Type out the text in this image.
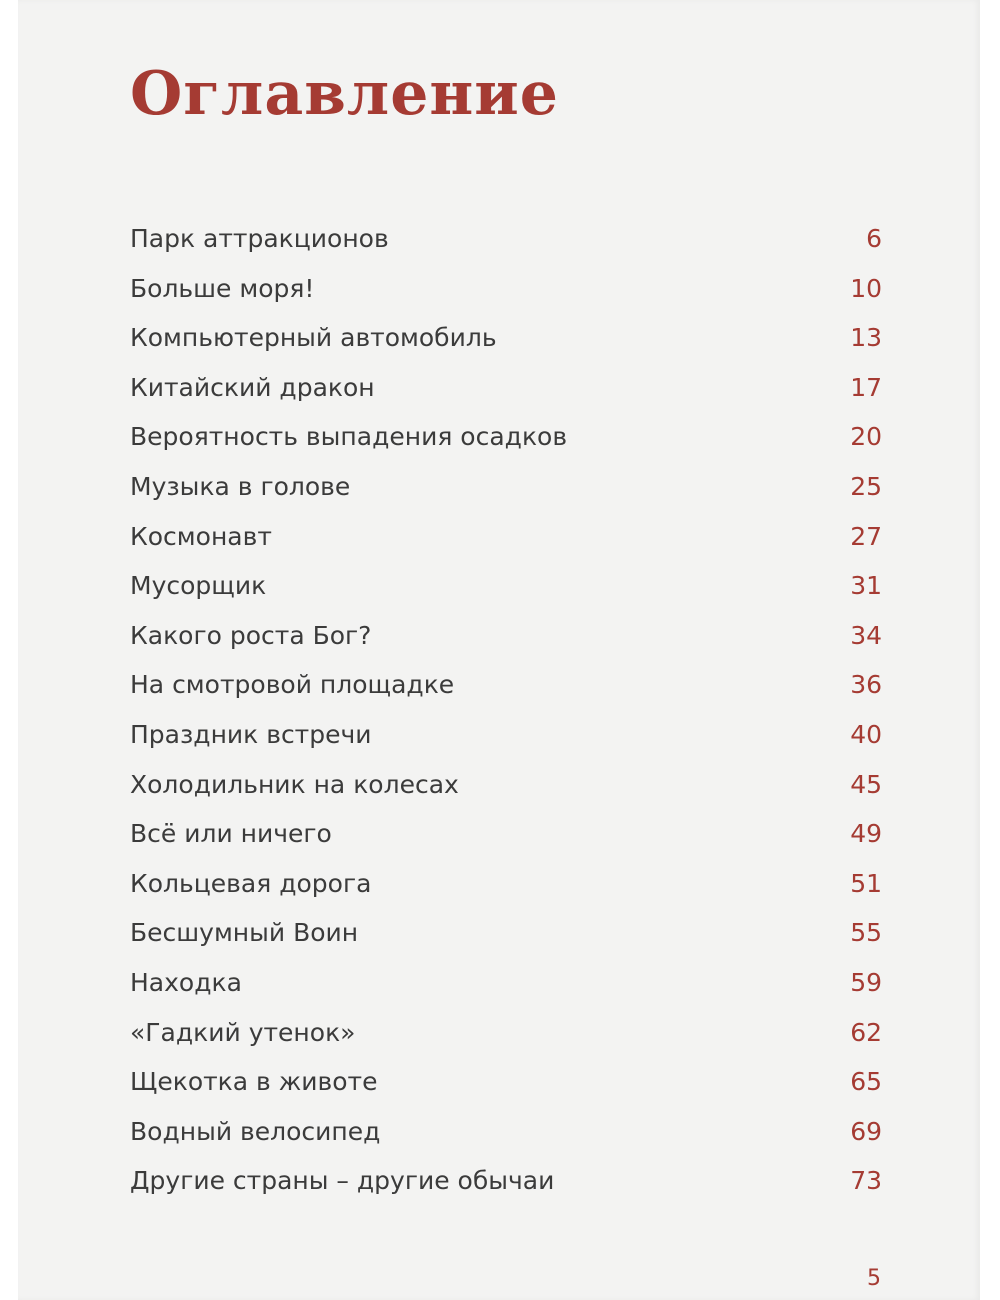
Оглавление
Парк аттракционов	6
Больше моря!	10
Компьютерный автомобиль	13
Китайский дракон	17
Вероятность выпадения осадков	20
Музыка в голове	25
Космонавт	27
Мусорщик	31
Какого роста Бог?	34
На смотровой площадке	36
Праздник встречи	40
Холодильник на колесах	45
Всё или ничего	49
Кольцевая дорога	51
Бесшумный Воин	55
Находка	59
«Гадкий утенок»	62
Щекотка в животе	65
Водный велосипед	69
Другие страны – другие обычаи	73
5
